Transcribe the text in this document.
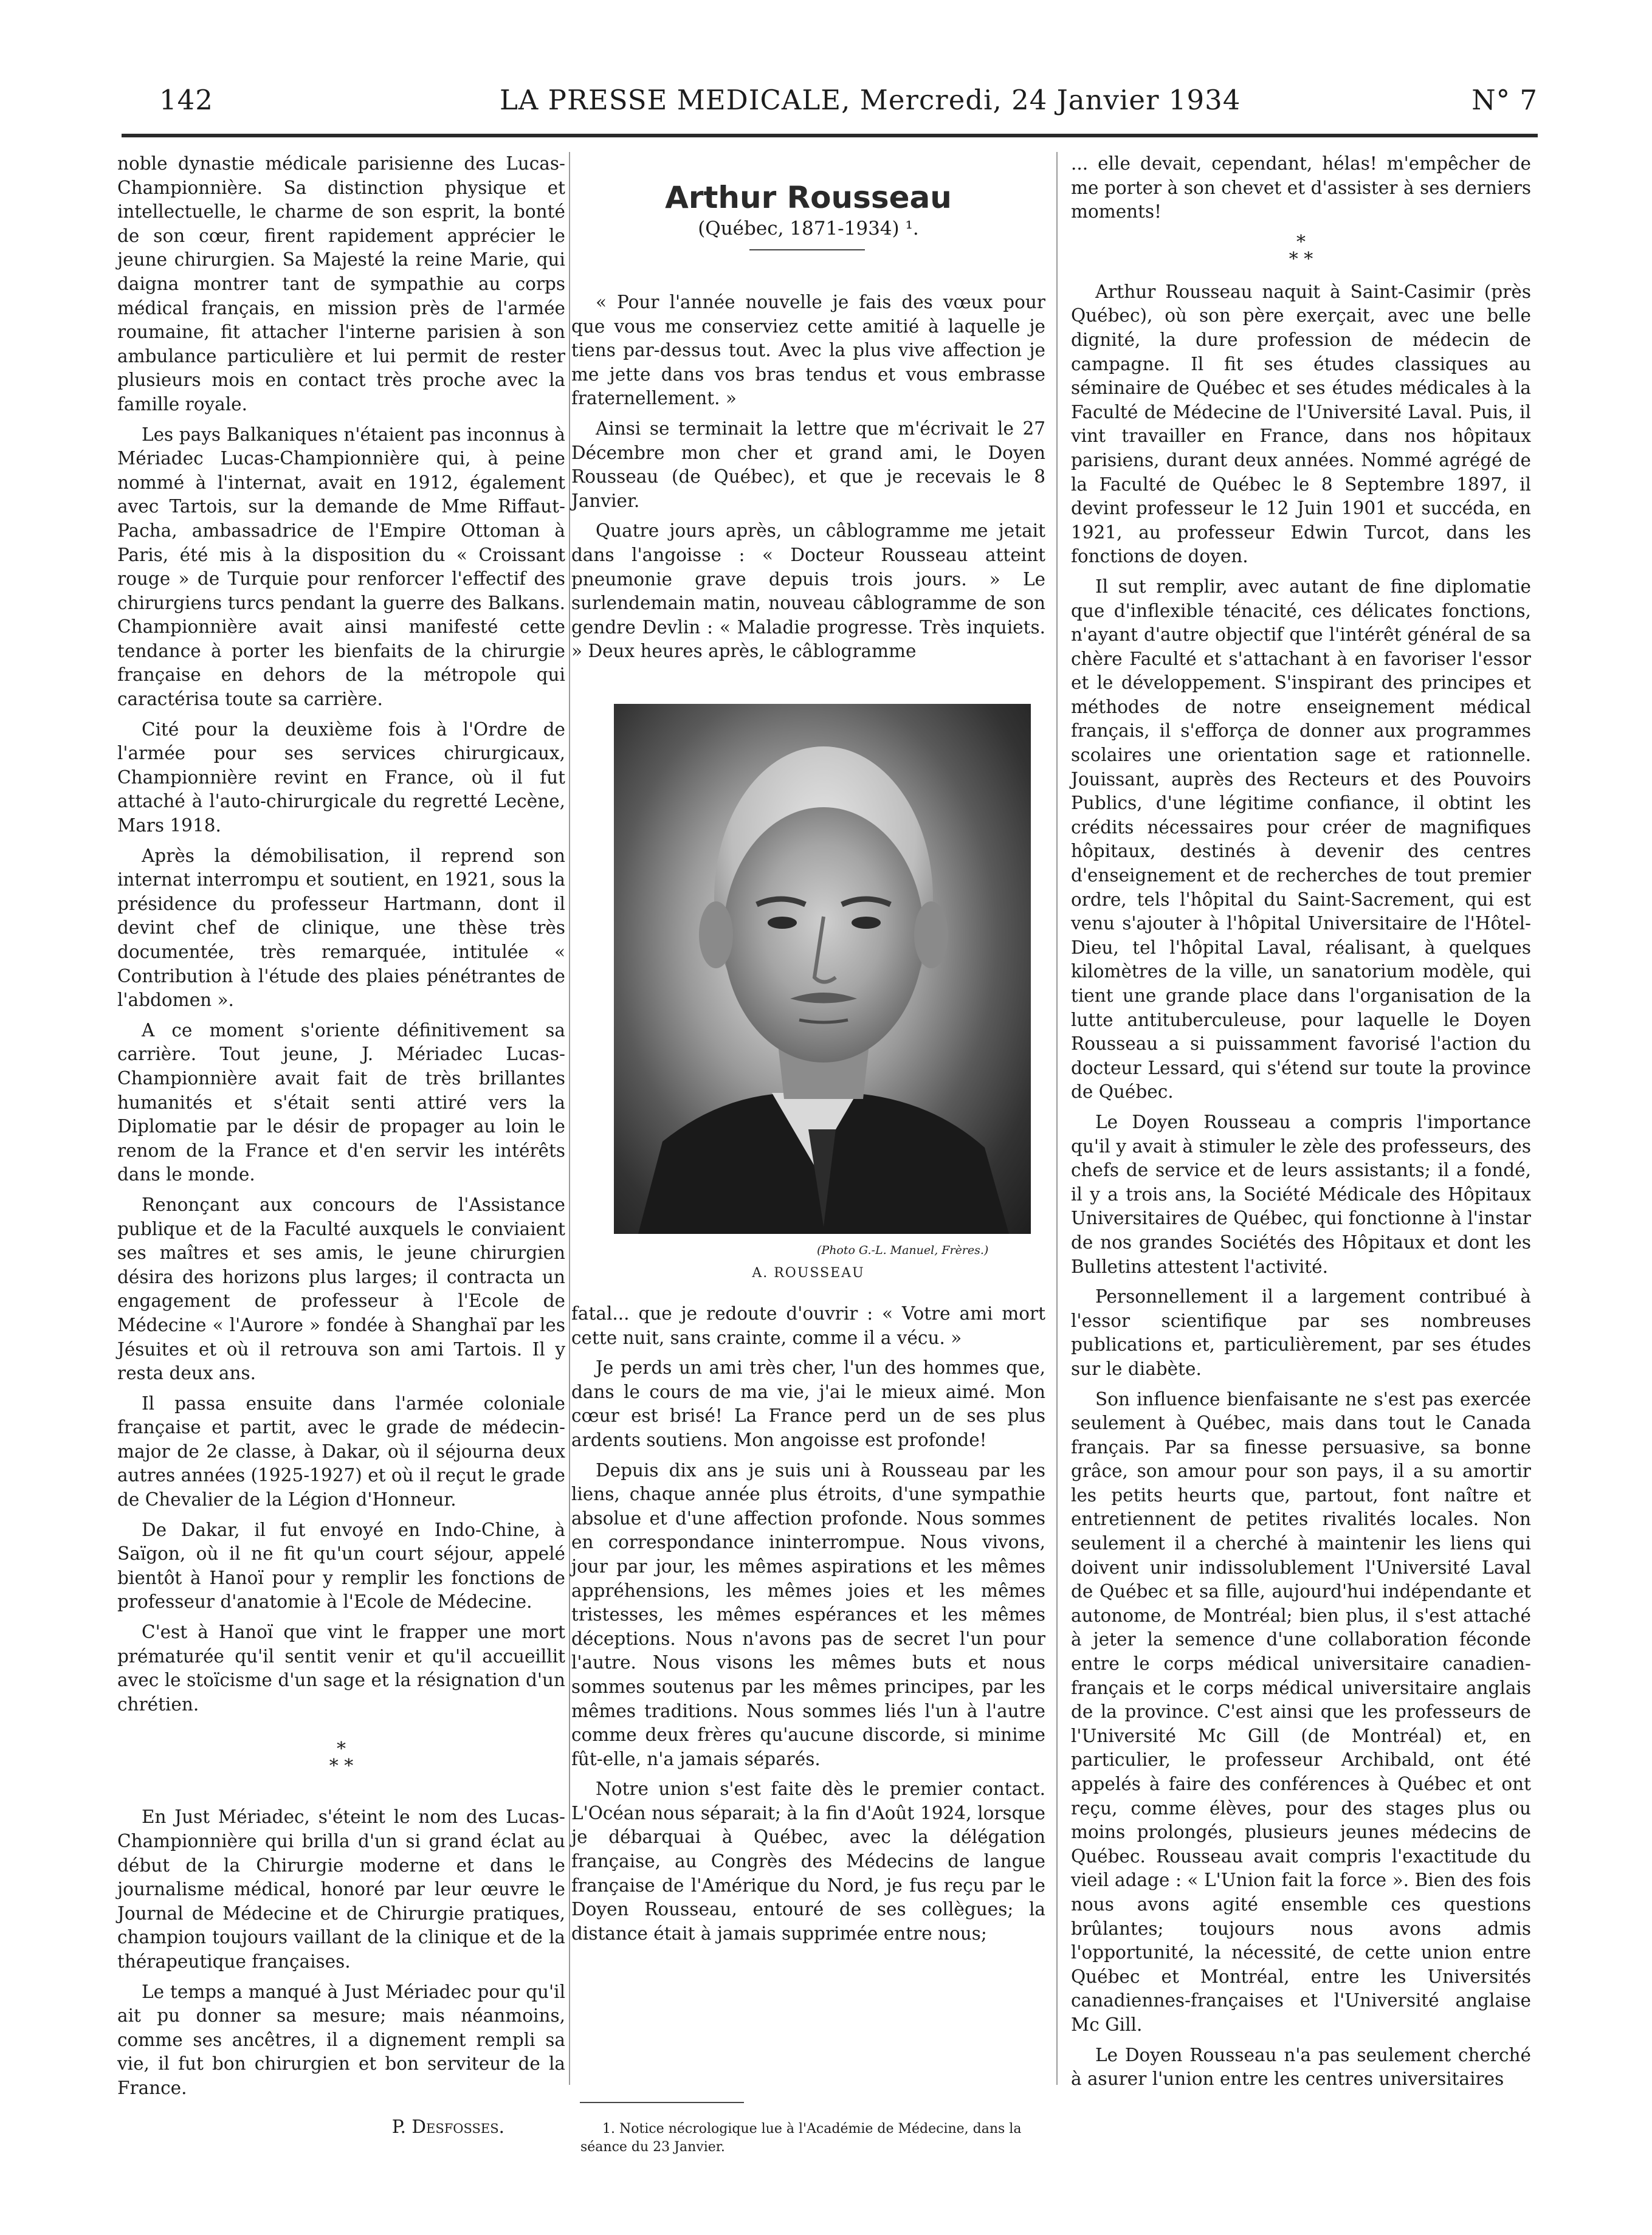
142	LA PRESSE MEDICALE, Mercredi, 24 Janvier 1934	N° 7

noble dynastie médicale parisienne des Lucas-Championnière. Sa distinction physique et intellectuelle, le charme de son esprit, la bonté de son cœur, firent rapidement apprécier le jeune chirurgien. Sa Majesté la reine Marie, qui daigna montrer tant de sympathie au corps médical français, en mission près de l'armée roumaine, fit attacher l'interne parisien à son ambulance particulière et lui permit de rester plusieurs mois en contact très proche avec la famille royale.

Les pays Balkaniques n'étaient pas inconnus à Mériadec Lucas-Championnière qui, à peine nommé à l'internat, avait en 1912, également avec Tartois, sur la demande de Mme Riffaut-Pacha, ambassadrice de l'Empire Ottoman à Paris, été mis à la disposition du « Croissant rouge » de Turquie pour renforcer l'effectif des chirurgiens turcs pendant la guerre des Balkans. Championnière avait ainsi manifesté cette tendance à porter les bienfaits de la chirurgie française en dehors de la métropole qui caractérisa toute sa carrière.

Cité pour la deuxième fois à l'Ordre de l'armée pour ses services chirurgicaux, Championnière revint en France, où il fut attaché à l'auto-chirurgicale du regretté Lecène, Mars 1918.

Après la démobilisation, il reprend son internat interrompu et soutient, en 1921, sous la présidence du professeur Hartmann, dont il devint chef de clinique, une thèse très documentée, très remarquée, intitulée « Contribution à l'étude des plaies pénétrantes de l'abdomen ».

A ce moment s'oriente définitivement sa carrière. Tout jeune, J. Mériadec Lucas-Championnière avait fait de très brillantes humanités et s'était senti attiré vers la Diplomatie par le désir de propager au loin le renom de la France et d'en servir les intérêts dans le monde.

Renonçant aux concours de l'Assistance publique et de la Faculté auxquels le conviaient ses maîtres et ses amis, le jeune chirurgien désira des horizons plus larges; il contracta un engagement de professeur à l'Ecole de Médecine « l'Aurore » fondée à Shanghaï par les Jésuites et où il retrouva son ami Tartois. Il y resta deux ans.

Il passa ensuite dans l'armée coloniale française et partit, avec le grade de médecin-major de 2e classe, à Dakar, où il séjourna deux autres années (1925-1927) et où il reçut le grade de Chevalier de la Légion d'Honneur.

De Dakar, il fut envoyé en Indo-Chine, à Saïgon, où il ne fit qu'un court séjour, appelé bientôt à Hanoï pour y remplir les fonctions de professeur d'anatomie à l'Ecole de Médecine.

C'est à Hanoï que vint le frapper une mort prématurée qu'il sentit venir et qu'il accueillit avec le stoïcisme d'un sage et la résignation d'un chrétien.

*
* *

En Just Mériadec, s'éteint le nom des Lucas-Championnière qui brilla d'un si grand éclat au début de la Chirurgie moderne et dans le journalisme médical, honoré par leur œuvre le Journal de Médecine et de Chirurgie pratiques, champion toujours vaillant de la clinique et de la thérapeutique françaises.

Le temps a manqué à Just Mériadec pour qu'il ait pu donner sa mesure; mais néanmoins, comme ses ancêtres, il a dignement rempli sa vie, il fut bon chirurgien et bon serviteur de la France.

P. Desfosses.

Arthur Rousseau
(Québec, 1871-1934) ¹.

« Pour l'année nouvelle je fais des vœux pour que vous me conserviez cette amitié à laquelle je tiens par-dessus tout. Avec la plus vive affection je me jette dans vos bras tendus et vous embrasse fraternellement. »

Ainsi se terminait la lettre que m'écrivait le 27 Décembre mon cher et grand ami, le Doyen Rousseau (de Québec), et que je recevais le 8 Janvier.

Quatre jours après, un câblogramme me jetait dans l'angoisse : « Docteur Rousseau atteint pneumonie grave depuis trois jours. » Le surlendemain matin, nouveau câblogramme de son gendre Devlin : « Maladie progresse. Très inquiets. » Deux heures après, le câblogramme

(Photo G.-L. Manuel, Frères.)
A. ROUSSEAU

fatal... que je redoute d'ouvrir : « Votre ami mort cette nuit, sans crainte, comme il a vécu. »

Je perds un ami très cher, l'un des hommes que, dans le cours de ma vie, j'ai le mieux aimé. Mon cœur est brisé! La France perd un de ses plus ardents soutiens. Mon angoisse est profonde!

Depuis dix ans je suis uni à Rousseau par les liens, chaque année plus étroits, d'une sympathie absolue et d'une affection profonde. Nous sommes en correspondance ininterrompue. Nous vivons, jour par jour, les mêmes aspirations et les mêmes appréhensions, les mêmes joies et les mêmes tristesses, les mêmes espérances et les mêmes déceptions. Nous n'avons pas de secret l'un pour l'autre. Nous visons les mêmes buts et nous sommes soutenus par les mêmes principes, par les mêmes traditions. Nous sommes liés l'un à l'autre comme deux frères qu'aucune discorde, si minime fût-elle, n'a jamais séparés.

Notre union s'est faite dès le premier contact. L'Océan nous séparait; à la fin d'Août 1924, lorsque je débarquai à Québec, avec la délégation française, au Congrès des Médecins de langue française de l'Amérique du Nord, je fus reçu par le Doyen Rousseau, entouré de ses collègues; la distance était à jamais supprimée entre nous;

1. Notice nécrologique lue à l'Académie de Médecine, dans la séance du 23 Janvier.

... elle devait, cependant, hélas! m'empêcher de me porter à son chevet et d'assister à ses derniers moments!

*
* *

Arthur Rousseau naquit à Saint-Casimir (près Québec), où son père exerçait, avec une belle dignité, la dure profession de médecin de campagne. Il fit ses études classiques au séminaire de Québec et ses études médicales à la Faculté de Médecine de l'Université Laval. Puis, il vint travailler en France, dans nos hôpitaux parisiens, durant deux années. Nommé agrégé de la Faculté de Québec le 8 Septembre 1897, il devint professeur le 12 Juin 1901 et succéda, en 1921, au professeur Edwin Turcot, dans les fonctions de doyen.

Il sut remplir, avec autant de fine diplomatie que d'inflexible ténacité, ces délicates fonctions, n'ayant d'autre objectif que l'intérêt général de sa chère Faculté et s'attachant à en favoriser l'essor et le développement. S'inspirant des principes et méthodes de notre enseignement médical français, il s'efforça de donner aux programmes scolaires une orientation sage et rationnelle. Jouissant, auprès des Recteurs et des Pouvoirs Publics, d'une légitime confiance, il obtint les crédits nécessaires pour créer de magnifiques hôpitaux, destinés à devenir des centres d'enseignement et de recherches de tout premier ordre, tels l'hôpital du Saint-Sacrement, qui est venu s'ajouter à l'hôpital Universitaire de l'Hôtel-Dieu, tel l'hôpital Laval, réalisant, à quelques kilomètres de la ville, un sanatorium modèle, qui tient une grande place dans l'organisation de la lutte antituberculeuse, pour laquelle le Doyen Rousseau a si puissamment favorisé l'action du docteur Lessard, qui s'étend sur toute la province de Québec.

Le Doyen Rousseau a compris l'importance qu'il y avait à stimuler le zèle des professeurs, des chefs de service et de leurs assistants; il a fondé, il y a trois ans, la Société Médicale des Hôpitaux Universitaires de Québec, qui fonctionne à l'instar de nos grandes Sociétés des Hôpitaux et dont les Bulletins attestent l'activité.

Personnellement il a largement contribué à l'essor scientifique par ses nombreuses publications et, particulièrement, par ses études sur le diabète.

Son influence bienfaisante ne s'est pas exercée seulement à Québec, mais dans tout le Canada français. Par sa finesse persuasive, sa bonne grâce, son amour pour son pays, il a su amortir les petits heurts que, partout, font naître et entretiennent de petites rivalités locales. Non seulement il a cherché à maintenir les liens qui doivent unir indissolublement l'Université Laval de Québec et sa fille, aujourd'hui indépendante et autonome, de Montréal; bien plus, il s'est attaché à jeter la semence d'une collaboration féconde entre le corps médical universitaire canadien-français et le corps médical universitaire anglais de la province. C'est ainsi que les professeurs de l'Université Mc Gill (de Montréal) et, en particulier, le professeur Archibald, ont été appelés à faire des conférences à Québec et ont reçu, comme élèves, pour des stages plus ou moins prolongés, plusieurs jeunes médecins de Québec. Rousseau avait compris l'exactitude du vieil adage : « L'Union fait la force ». Bien des fois nous avons agité ensemble ces questions brûlantes; toujours nous avons admis l'opportunité, la nécessité, de cette union entre Québec et Montréal, entre les Universités canadiennes-françaises et l'Université anglaise Mc Gill.

Le Doyen Rousseau n'a pas seulement cherché à asurer l'union entre les centres universitaires
